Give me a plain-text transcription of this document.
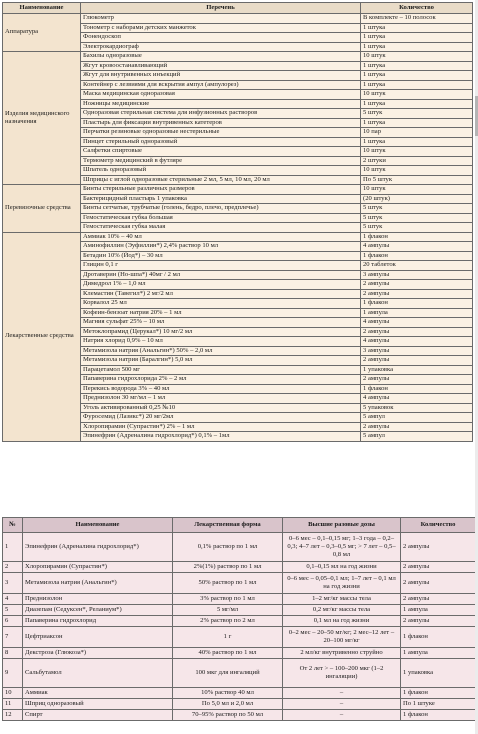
Наименование	Перечень	Количество
Аппаратура	Глюкометр	В комплекте – 10 полосок
	Тонометр с наборами детских манжеток	1 штука
	Фонендоскоп	1 штука
	Электрокардиограф	1 штука
Изделия медицинского назначения	Бахилы одноразовые	10 штук
	Жгут кровоостанавливающий	1 штука
	Жгут для внутривенных инъекций	1 штука
	Контейнер с лезвиями для вскрытия ампул (ампулорез)	1 штука
	Маска медицинская одноразовая	10 штук
	Ножницы медицинские	1 штука
	Одноразовая стерильная система для инфузионных растворов	5 штук
	Пластырь для фиксации внутривенных катетеров	1 штука
	Перчатки резиновые одноразовые нестерильные	10 пар
	Пинцет стерильный одноразовый	1 штука
	Салфетки спиртовые	10 штук
	Термометр медицинский в футляре	2 штуки
	Шпатель одноразовый	10 штук
	Шприцы с иглой одноразовые стерильные 2 мл, 5 мл, 10 мл, 20 мл	По 5 штук
Перевязочные средства	Бинты стерильные различных размеров	10 штук
	Бактерицидный пластырь 1 упаковка	(20 штук)
	Бинты сетчатые, трубчатые (голень, бедро, плечо, предплечье)	5 штук
	Гемостатическая губка большая	5 штук
	Гемостатическая губка малая	5 штук
Лекарственные средства	Аммиак 10% – 40 мл	1 флакон
	Аминофиллин (Эуфиллин*) 2,4% раствор 10 мл	4 ампулы
	Бетадин 10% (Йод*) – 30 мл	1 флакон
	Глицин 0,1 г	20 таблеток
	Дротаверин (Но-шпа*) 40мг / 2 мл	3 ампулы
	Димедрол 1% – 1,0 мл	2 ампулы
	Клемастин (Тавегил*) 2 мг/2 мл	2 ампулы
	Корвалол 25 мл	1 флакон
	Кофеин-бензоат натрия 20% – 1 мл	1 ампула
	Магния сульфат 25% – 10 мл	4 ампулы
	Метоклопрамид (Церукал*) 10 мг/2 мл	2 ампулы
	Натрия хлорид 0,9% – 10 мл	4 ампулы
	Метамизола натрия (Анальгин*) 50% – 2,0 мл	3 ампулы
	Метамизола натрия (Баралгин*) 5,0 мл	2 ампулы
	Парацетамол 500 мг	1 упаковка
	Папаверина гидрохлорида 2% – 2 мл	2 ампулы
	Перекись водорода 3% – 40 мл	1 флакон
	Преднизолон 30 мг/мл – 1 мл	4 ампулы
	Уголь активированный 0,25 №10	5 упаковок
	Фуросемид (Лазикс*) 20 мг/2мл	5 ампул
	Хлоропирамин (Супрастин*) 2% – 1 мл	2 ампулы
	Эпинефрин (Адреналина гидрохлорид*) 0,1% – 1мл	5 ампул
№	Наименование	Лекарственная форма	Высшие разовые дозы	Количество
1	Эпинефрин (Адреналина гидрохлорид*)	0,1% раствор по 1 мл	0–6 мес – 0,1–0,15 мг; 1–3 года – 0,2–0,3; 4–7 лет – 0,3–0,5 мг; > 7 лет – 0,5–0,8 мл	2 ампулы
2	Хлоропирамин (Супрастин*)	2%(1%) раствор по 1 мл	0,1–0,15 мл на год жизни	2 ампулы
3	Метамизола натрия (Анальгин*)	50% раствор по 1 мл	0–6 мес – 0,05–0,1 мл; 1–7 лет – 0,1 мл на год жизни	2 ампулы
4	Преднизолон	3% раствор по 1 мл	1–2 мг/кг массы тела	2 ампулы
5	Диазепам (Седуксен*, Реланиум*)	5 мг/мл	0,2 мг/кг массы тела	1 ампула
6	Папаверина гидрохлорид	2% раствор по 2 мл	0,1 мл на год жизни	2 ампулы
7	Цефтриаксон	1 г	0–2 мес – 20–50 мг/кг; 2 мес–12 лет – 20–100 мг/кг	1 флакон
8	Декстроза (Глюкоза*)	40% раствор по 1 мл	2 мл/кг внутривенно струйно	1 ампула
9	Сальбутамол	100 мкг для ингаляций	От 2 лет > – 100–200 мкг (1–2 ингаляции)	1 упаковка
10	Аммиак	10% раствор 40 мл	–	1 флакон
11	Шприц одноразовый	По 5,0 мл и 2,0 мл	–	По 1 штуке
12	Спирт	70–95% раствор по 50 мл	–	1 флакон
